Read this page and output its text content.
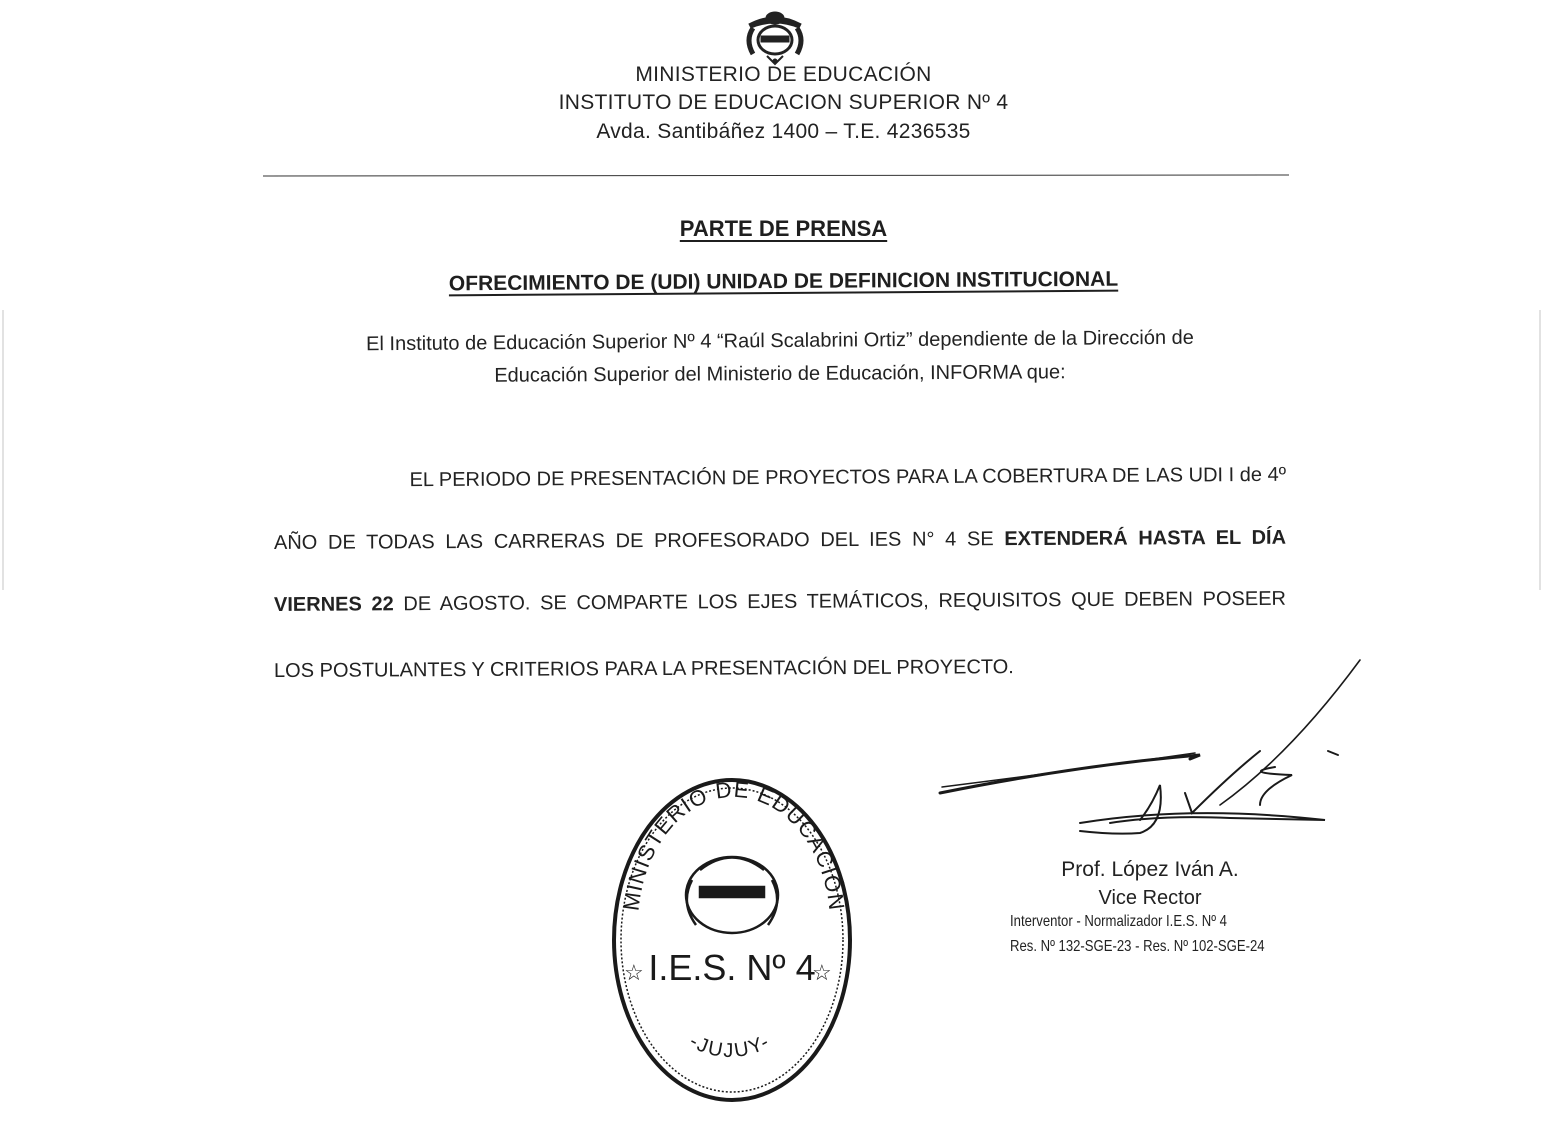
MINISTERIO DE EDUCACIÓN
INSTITUTO DE EDUCACION SUPERIOR Nº 4
Avda. Santibáñez 1400 – T.E. 4236535
PARTE DE PRENSA
OFRECIMIENTO DE (UDI) UNIDAD DE DEFINICION INSTITUCIONAL
El Instituto de Educación Superior Nº 4 “Raúl Scalabrini Ortiz” dependiente de la Dirección de
Educación Superior del Ministerio de Educación, INFORMA que:
EL PERIODO DE PRESENTACIÓN DE PROYECTOS PARA LA COBERTURA DE LAS UDI I de 4º
AÑO DE TODAS LAS CARRERAS DE PROFESORADO DEL IES N° 4 SE EXTENDERÁ HASTA EL DÍA
VIERNES 22 DE AGOSTO. SE COMPARTE LOS EJES TEMÁTICOS, REQUISITOS QUE DEBEN POSEER
LOS POSTULANTES Y CRITERIOS PARA LA PRESENTACIÓN DEL PROYECTO.
Prof. López Iván A.
Vice Rector
Interventor - Normalizador I.E.S. Nº 4
Res. Nº 132-SGE-23 - Res. Nº 102-SGE-24
MINISTERIO DE EDUCACIÓN
☆ I.E.S. Nº 4
☆
-JUJUY-
